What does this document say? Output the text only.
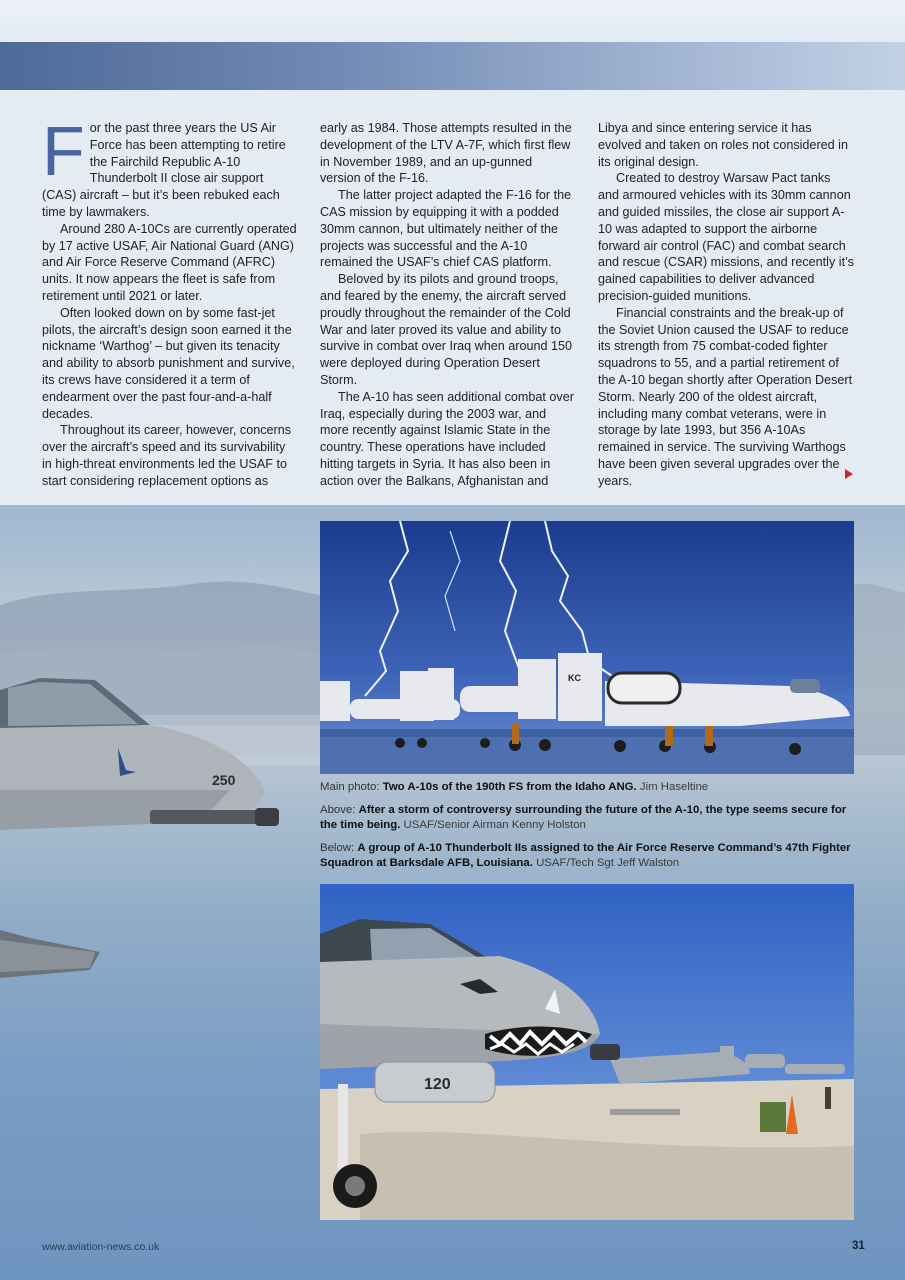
For the past three years the US Air Force has been attempting to retire the Fairchild Republic A-10 Thunderbolt II close air support (CAS) aircraft – but it’s been rebuked each time by lawmakers.

Around 280 A-10Cs are currently operated by 17 active USAF, Air National Guard (ANG) and Air Force Reserve Command (AFRC) units. It now appears the fleet is safe from retirement until 2021 or later.

Often looked down on by some fast-jet pilots, the aircraft’s design soon earned it the nickname ‘Warthog’ – but given its tenacity and ability to absorb punishment and survive, its crews have considered it a term of endearment over the past four-and-a-half decades.

Throughout its career, however, concerns over the aircraft’s speed and its survivability in high-threat environments led the USAF to start considering replacement options as

early as 1984. Those attempts resulted in the development of the LTV A-7F, which first flew in November 1989, and an up-gunned version of the F-16.

The latter project adapted the F-16 for the CAS mission by equipping it with a podded 30mm cannon, but ultimately neither of the projects was successful and the A-10 remained the USAF’s chief CAS platform.

Beloved by its pilots and ground troops, and feared by the enemy, the aircraft served proudly throughout the remainder of the Cold War and later proved its value and ability to survive in combat over Iraq when around 150 were deployed during Operation Desert Storm.

The A-10 has seen additional combat over Iraq, especially during the 2003 war, and more recently against Islamic State in the country. These operations have included hitting targets in Syria. It has also been in action over the Balkans, Afghanistan and

Libya and since entering service it has evolved and taken on roles not considered in its original design.

Created to destroy Warsaw Pact tanks and armoured vehicles with its 30mm cannon and guided missiles, the close air support A-10 was adapted to support the airborne forward air control (FAC) and combat search and rescue (CSAR) missions, and recently it’s gained capabilities to deliver advanced precision-guided munitions.

Financial constraints and the break-up of the Soviet Union caused the USAF to reduce its strength from 75 combat-coded fighter squadrons to 55, and a partial retirement of the A-10 began shortly after Operation Desert Storm. Nearly 200 of the oldest aircraft, including many combat veterans, were in storage by late 1993, but 356 A-10As remained in service. The surviving Warthogs have been given several upgrades over the years.

250
KC

Main photo: Two A-10s of the 190th FS from the Idaho ANG. Jim Haseltine

Above: After a storm of controversy surrounding the future of the A-10, the type seems secure for the time being. USAF/Senior Airman Kenny Holston

Below: A group of A-10 Thunderbolt IIs assigned to the Air Force Reserve Command’s 47th Fighter Squadron at Barksdale AFB, Louisiana. USAF/Tech Sgt Jeff Walston

120
www.aviation-news.co.uk	31
